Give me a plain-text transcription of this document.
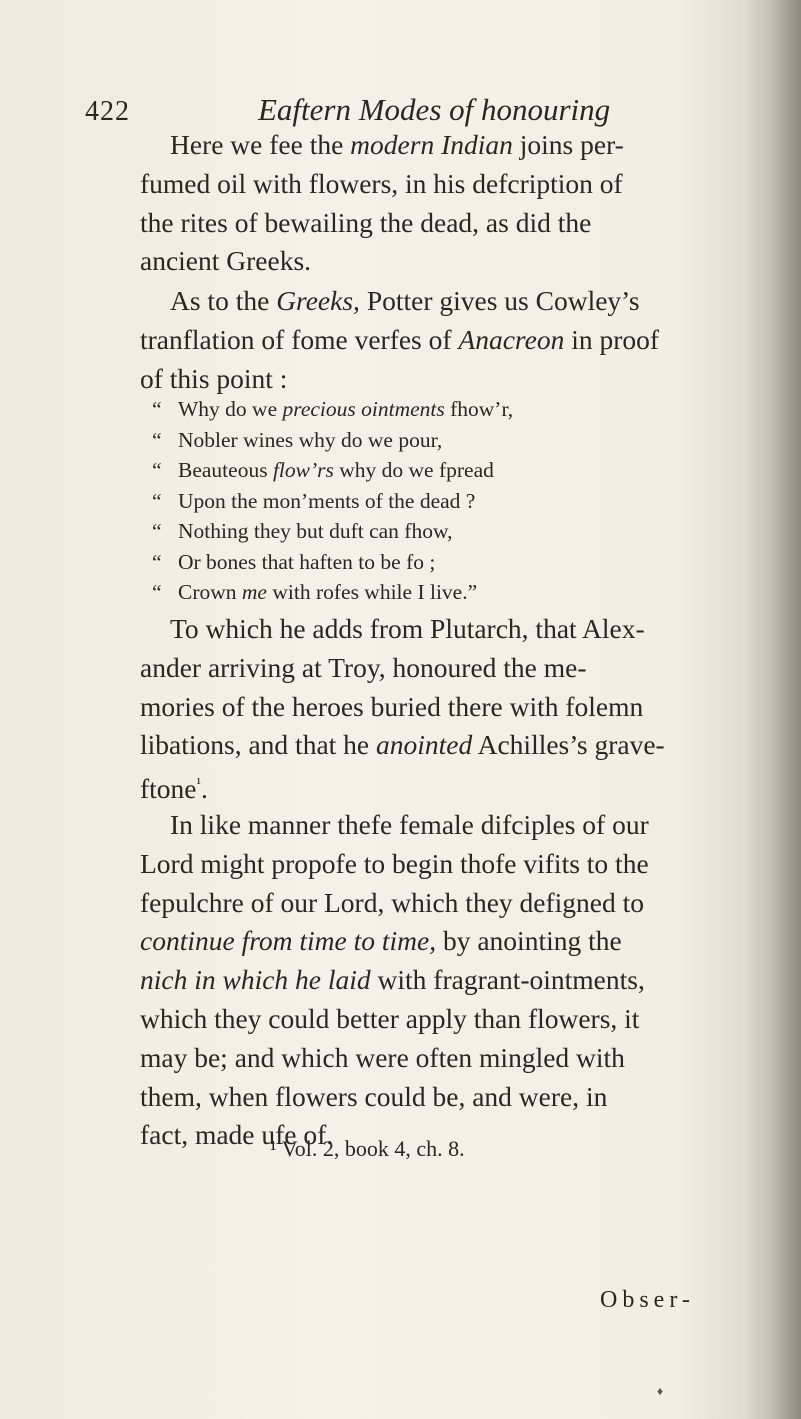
422	Eaftern Modes of honouring
Here we fee the modern Indian joins per-
fumed oil with flowers, in his defcription of
the rites of bewailing the dead, as did the
ancient Greeks.
As to the Greeks, Potter gives us Cowley’s
tranflation of fome verfes of Anacreon in proof
of this point :
“ Why do we precious ointments fhow’r,
“ Nobler wines why do we pour,
“ Beauteous flow’rs why do we fpread
“ Upon the mon’ments of the dead ?
“ Nothing they but duft can fhow,
“ Or bones that haften to be fo ;
“ Crown me with rofes while I live.”
To which he adds from Plutarch, that Alex-
ander arriving at Troy, honoured the me-
mories of the heroes buried there with folemn
libations, and that he anointed Achilles’s grave-
ftone$^{^1}$.
In like manner thefe female difciples of our
Lord might propofe to begin thofe vifits to the
fepulchre of our Lord, which they defigned to
continue from time to time, by anointing the
nich in which he laid with fragrant-ointments,
which they could better apply than flowers, it
may be; and which were often mingled with
them, when flowers could be, and were, in
fact, made ufe of.
¹ Vol. 2, book 4, ch. 8.
Obser-
♦
